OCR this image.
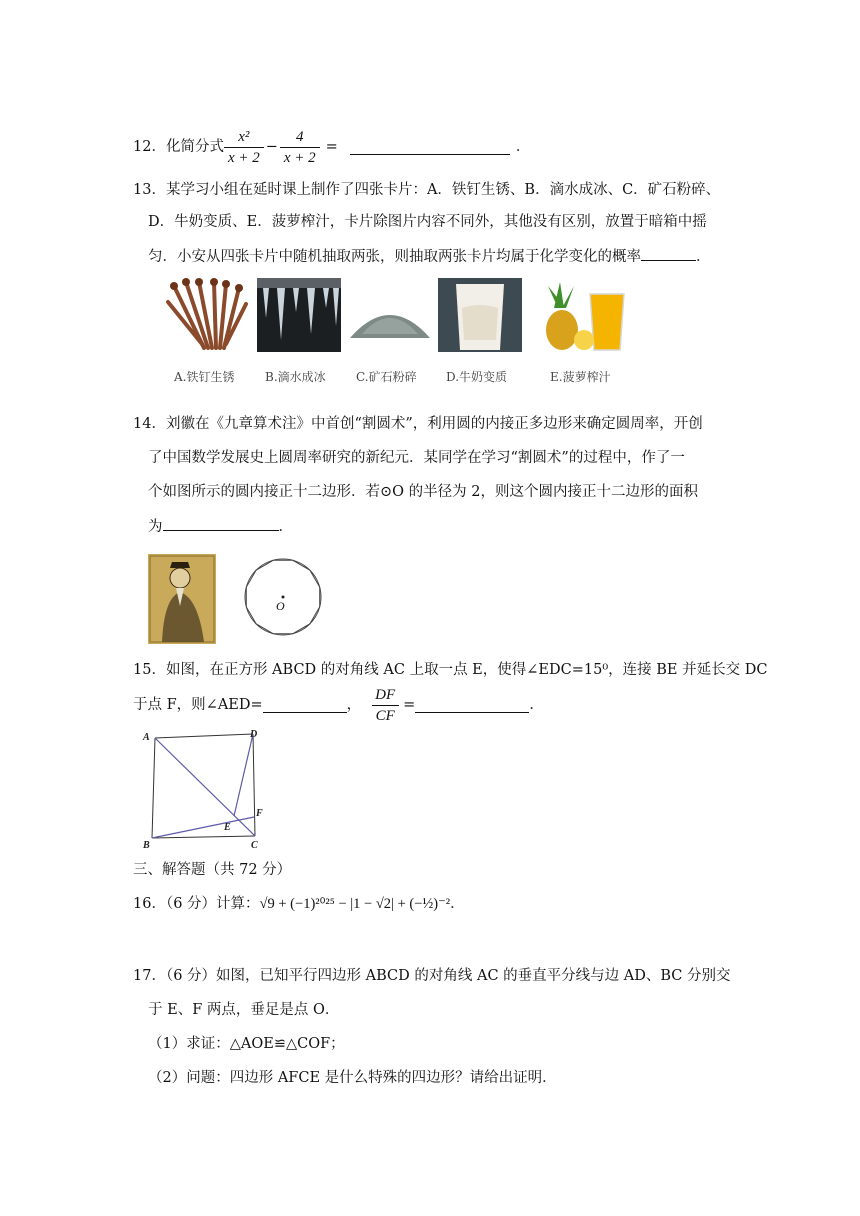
12．化简分式 $\frac{\text{x²}}{x + 2} - \frac{4}{x + 2}$ =	．
13．某学习小组在延时课上制作了四张卡片：A．铁钉生锈、B．滴水成冰、C．矿石粉碎、
D．牛奶变质、E．菠萝榨汁，卡片除图片内容不同外，其他没有区别，放置于暗箱中摇
匀．小安从四张卡片中随机抽取两张，则抽取两张卡片均属于化学变化的概率	．
A.铁钉生锈	B.滴水成冰	C.矿石粉碎 D.牛奶变质	E.菠萝榨汁
14．刘徽在《九章算术注》中首创“割圆术”，利用圆的内接正多边形来确定圆周率，开创
了中国数学发展史上圆周率研究的新纪元．某同学在学习“割圆术”的过程中，作了一
个如图所示的圆内接正十二边形．若⊙O 的半径为 2，则这个圆内接正十二边形的面积
为	．
O
15．如图，在正方形 ABCD 的对角线 AC 上取一点 E，使得∠EDC=15⁰，连接 BE 并延长交 DC
于点 F，则∠AED=	， $\frac{DF}{CF}$ =	．
A	D
B	C
E
F
三、解答题（共 72 分）
16．（6 分）计算：√9 + (−1)²⁰²⁵ − |1 − √2| + (−½)⁻²．
17．（6 分）如图，已知平行四边形 ABCD 的对角线 AC 的垂直平分线与边 AD、BC 分别交
于 E、F 两点，垂足是点 O．
（1）求证：△AOE≌△COF；
（2）问题：四边形 AFCE 是什么特殊的四边形？请给出证明．
